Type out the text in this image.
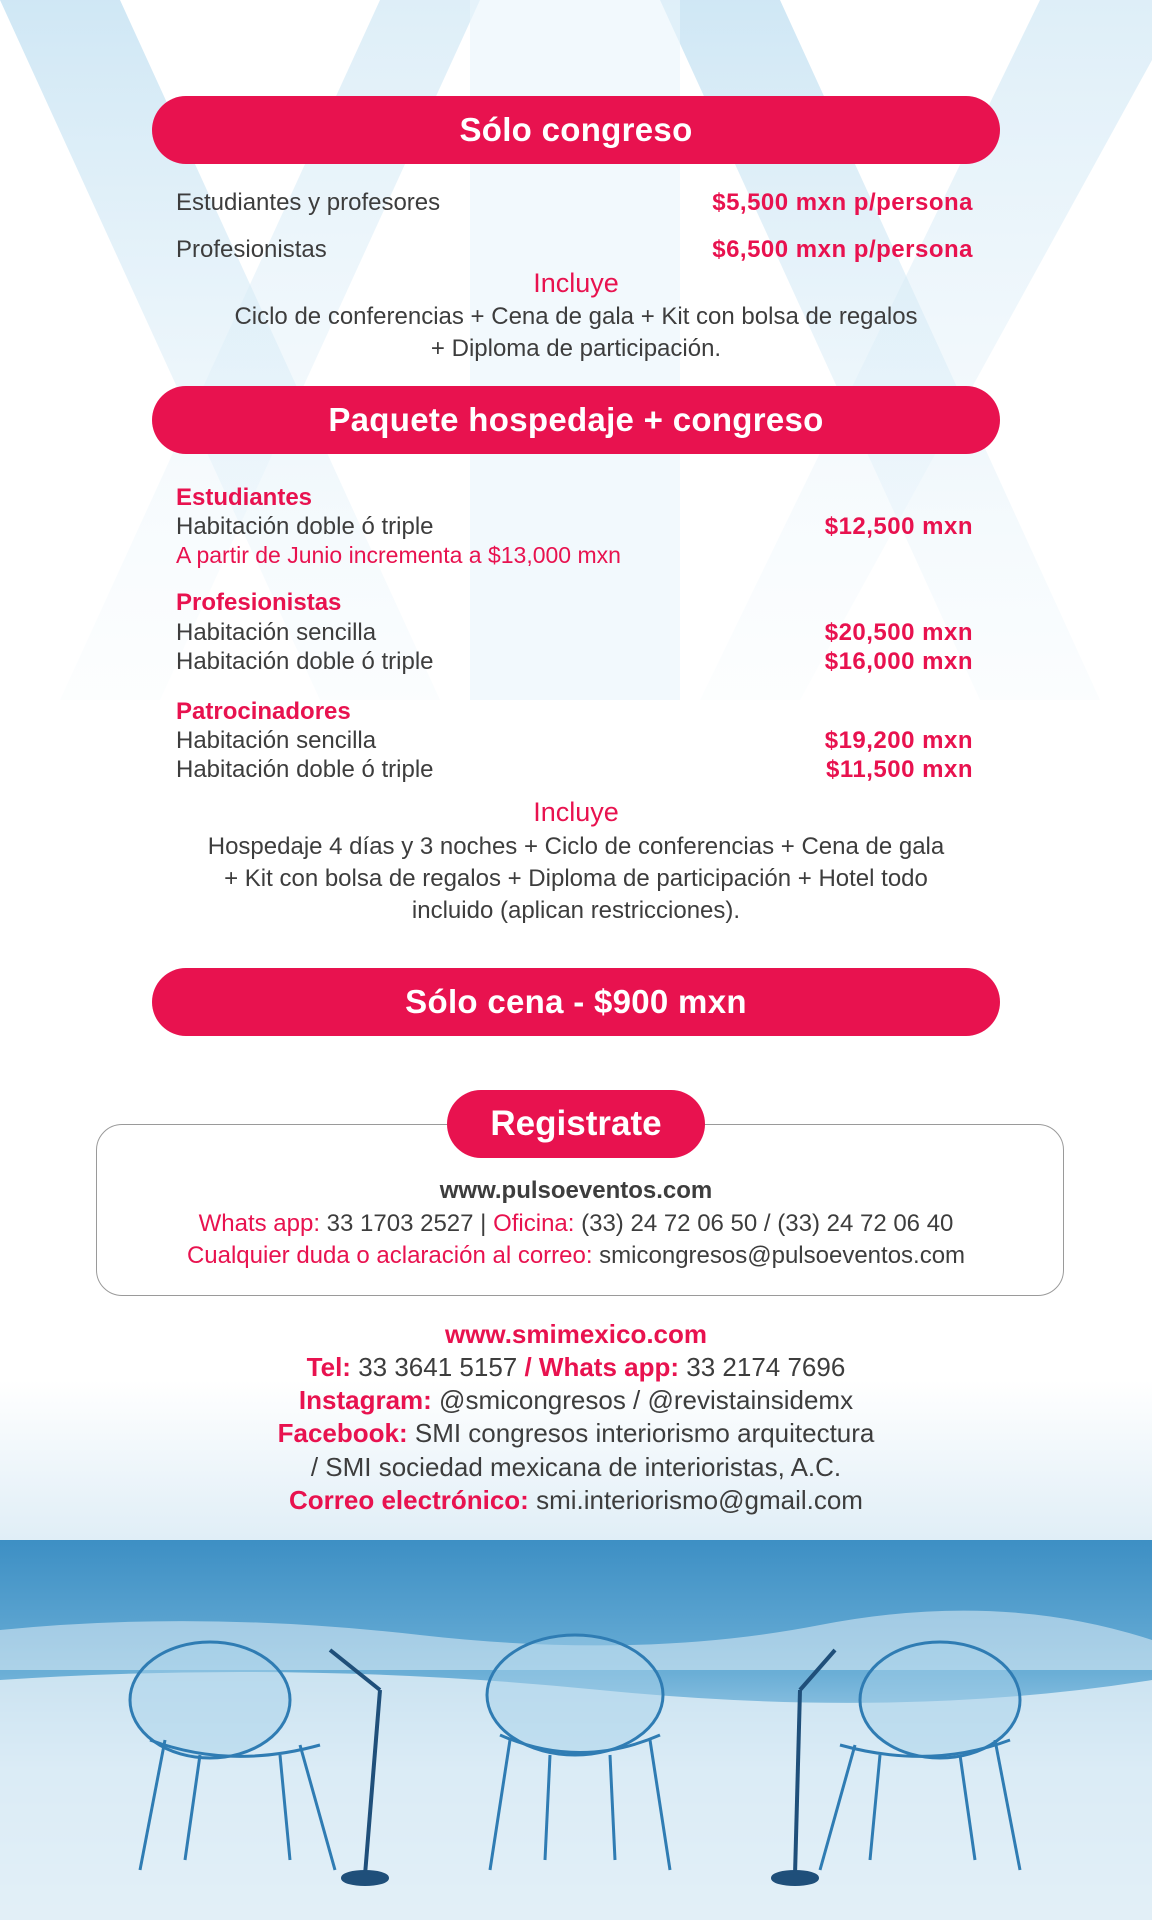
Sólo congreso
Estudiantes y profesores	$5,500 mxn p/persona
Profesionistas	$6,500 mxn p/persona
Incluye
Ciclo de conferencias + Cena de gala + Kit con bolsa de regalos
+ Diploma de participación.
Paquete hospedaje + congreso
Estudiantes
Habitación doble ó triple	$12,500 mxn
A partir de Junio incrementa a $13,000 mxn
Profesionistas
Habitación sencilla	$20,500 mxn
Habitación doble ó triple	$16,000 mxn
Patrocinadores
Habitación sencilla	$19,200 mxn
Habitación doble ó triple	$11,500 mxn
Incluye
Hospedaje 4 días y 3 noches + Ciclo de conferencias + Cena de gala
+ Kit con bolsa de regalos + Diploma de participación + Hotel todo
incluido (aplican restricciones).
Sólo cena - $900 mxn
Registrate
www.pulsoeventos.com
Whats app: 33 1703 2527 | Oficina: (33) 24 72 06 50 / (33) 24 72 06 40
Cualquier duda o aclaración al correo: smicongresos@pulsoeventos.com
www.smimexico.com
Tel: 33 3641 5157 / Whats app: 33 2174 7696
Instagram: @smicongresos / @revistainsidemx
Facebook: SMI congresos interiorismo arquitectura
/ SMI sociedad mexicana de interioristas, A.C.
Correo electrónico: smi.interiorismo@gmail.com
